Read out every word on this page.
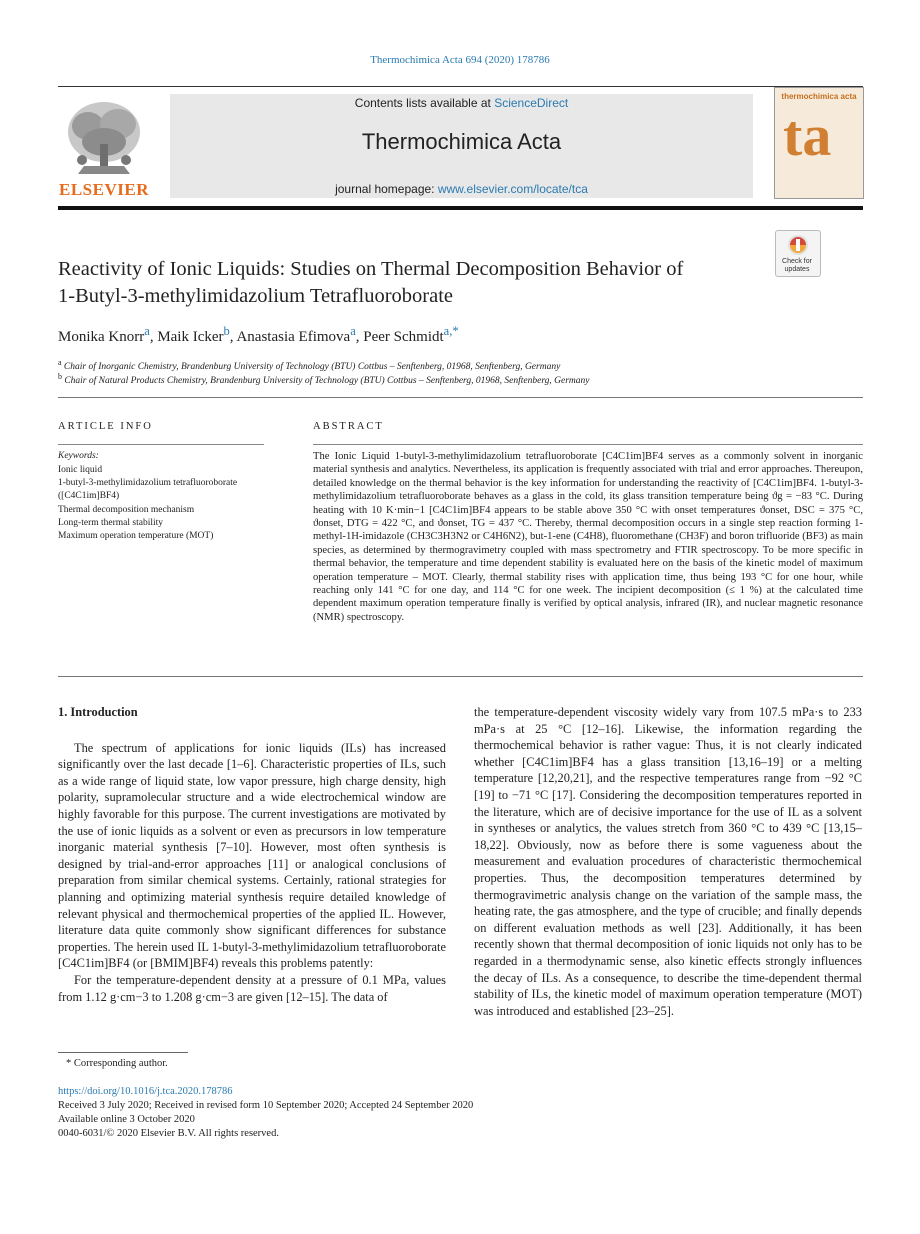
Thermochimica Acta 694 (2020) 178786
ELSEVIER
Contents lists available at ScienceDirect
Thermochimica Acta
journal homepage: www.elsevier.com/locate/tca
thermochimica acta
ta
Check for
updates
Reactivity of Ionic Liquids: Studies on Thermal Decomposition Behavior of
1-Butyl-3-methylimidazolium Tetrafluoroborate
Monika Knorr$^a$, Maik Icker$^b$, Anastasia Efimova$^a$, Peer Schmidt$^{a,*}$
$^a$ Chair of Inorganic Chemistry, Brandenburg University of Technology (BTU) Cottbus – Senftenberg, 01968, Senftenberg, Germany
$^b$ Chair of Natural Products Chemistry, Brandenburg University of Technology (BTU) Cottbus – Senftenberg, 01968, Senftenberg, Germany
ARTICLE INFO
Keywords:
Ionic liquid
1-butyl-3-methylimidazolium tetrafluoroborate
([C4C1im]BF4)
Thermal decomposition mechanism
Long-term thermal stability
Maximum operation temperature (MOT)
ABSTRACT
The Ionic Liquid 1-butyl-3-methylimidazolium tetrafluoroborate [C4C1im]BF4 serves as a commonly solvent in inorganic material synthesis and analytics. Nevertheless, its application is frequently associated with trial and error approaches. Thereupon, detailed knowledge on the thermal behavior is the key information for understanding the reactivity of [C4C1im]BF4. 1-butyl-3-methylimidazolium tetrafluoroborate behaves as a glass in the cold, its glass transition temperature being ϑg = −83 °C. During heating with 10 K·min−1 [C4C1im]BF4 appears to be stable above 350 °C with onset temperatures ϑonset, DSC = 375 °C, ϑonset, DTG = 422 °C, and ϑonset, TG = 437 °C. Thereby, thermal decomposition occurs in a single step reaction forming 1-methyl-1H-imidazole (CH3C3H3N2 or C4H6N2), but-1-ene (C4H8), fluoromethane (CH3F) and boron trifluoride (BF3) as main species, as determined by thermogravimetry coupled with mass spectrometry and FTIR spectroscopy. To be more specific in thermal behavior, the temperature and time dependent stability is evaluated here on the basis of the kinetic model of maximum operation temperature – MOT. Clearly, thermal stability rises with application time, thus being 193 °C for one hour, while reaching only 141 °C for one day, and 114 °C for one week. The incipient decomposition (≤ 1 %) at the calculated time dependent maximum operation temperature finally is verified by optical analysis, infrared (IR), and nuclear magnetic resonance (NMR) spectroscopy.
1. Introduction

The spectrum of applications for ionic liquids (ILs) has increased significantly over the last decade [1–6]. Characteristic properties of ILs, such as a wide range of liquid state, low vapor pressure, high charge density, high polarity, supramolecular structure and a wide electrochemical window are highly favorable for this purpose. The current investigations are motivated by the use of ionic liquids as a solvent or even as precursors in low temperature inorganic material synthesis [7–10]. However, most often synthesis is designed by trial-and-error approaches [11] or analogical conclusions of preparation from similar chemical systems. Certainly, rational strategies for planning and optimizing material synthesis require detailed knowledge of relevant physical and thermochemical properties of the applied IL. However, literature data quite commonly show significant differences for substance properties. The herein used IL 1-butyl-3-methylimidazolium tetrafluoroborate [C4C1im]BF4 (or [BMIM]BF4) reveals this problems patently:

For the temperature-dependent density at a pressure of 0.1 MPa, values from 1.12 g·cm−3 to 1.208 g·cm−3 are given [12–15]. The data of

the temperature-dependent viscosity widely vary from 107.5 mPa·s to 233 mPa·s at 25 °C [12–16]. Likewise, the information regarding the thermochemical behavior is rather vague: Thus, it is not clearly indicated whether [C4C1im]BF4 has a glass transition [13,16–19] or a melting temperature [12,20,21], and the respective temperatures range from −92 °C [19] to −71 °C [17]. Considering the decomposition temperatures reported in the literature, which are of decisive importance for the use of IL as a solvent in syntheses or analytics, the values stretch from 360 °C to 439 °C [13,15–18,22]. Obviously, now as before there is some vagueness about the measurement and evaluation procedures of characteristic thermochemical properties. Thus, the decomposition temperatures determined by thermogravimetric analysis change on the variation of the sample mass, the heating rate, the gas atmosphere, and the type of crucible; and finally depends on different evaluation methods as well [23]. Additionally, it has been recently shown that thermal decomposition of ionic liquids not only has to be regarded in a thermodynamic sense, also kinetic effects strongly influences the decay of ILs. As a consequence, to describe the time-dependent thermal stability of ILs, the kinetic model of maximum operation temperature (MOT) was introduced and established [23–25].

* Corresponding author.
https://doi.org/10.1016/j.tca.2020.178786
Received 3 July 2020; Received in revised form 10 September 2020; Accepted 24 September 2020
Available online 3 October 2020
0040-6031/© 2020 Elsevier B.V. All rights reserved.
